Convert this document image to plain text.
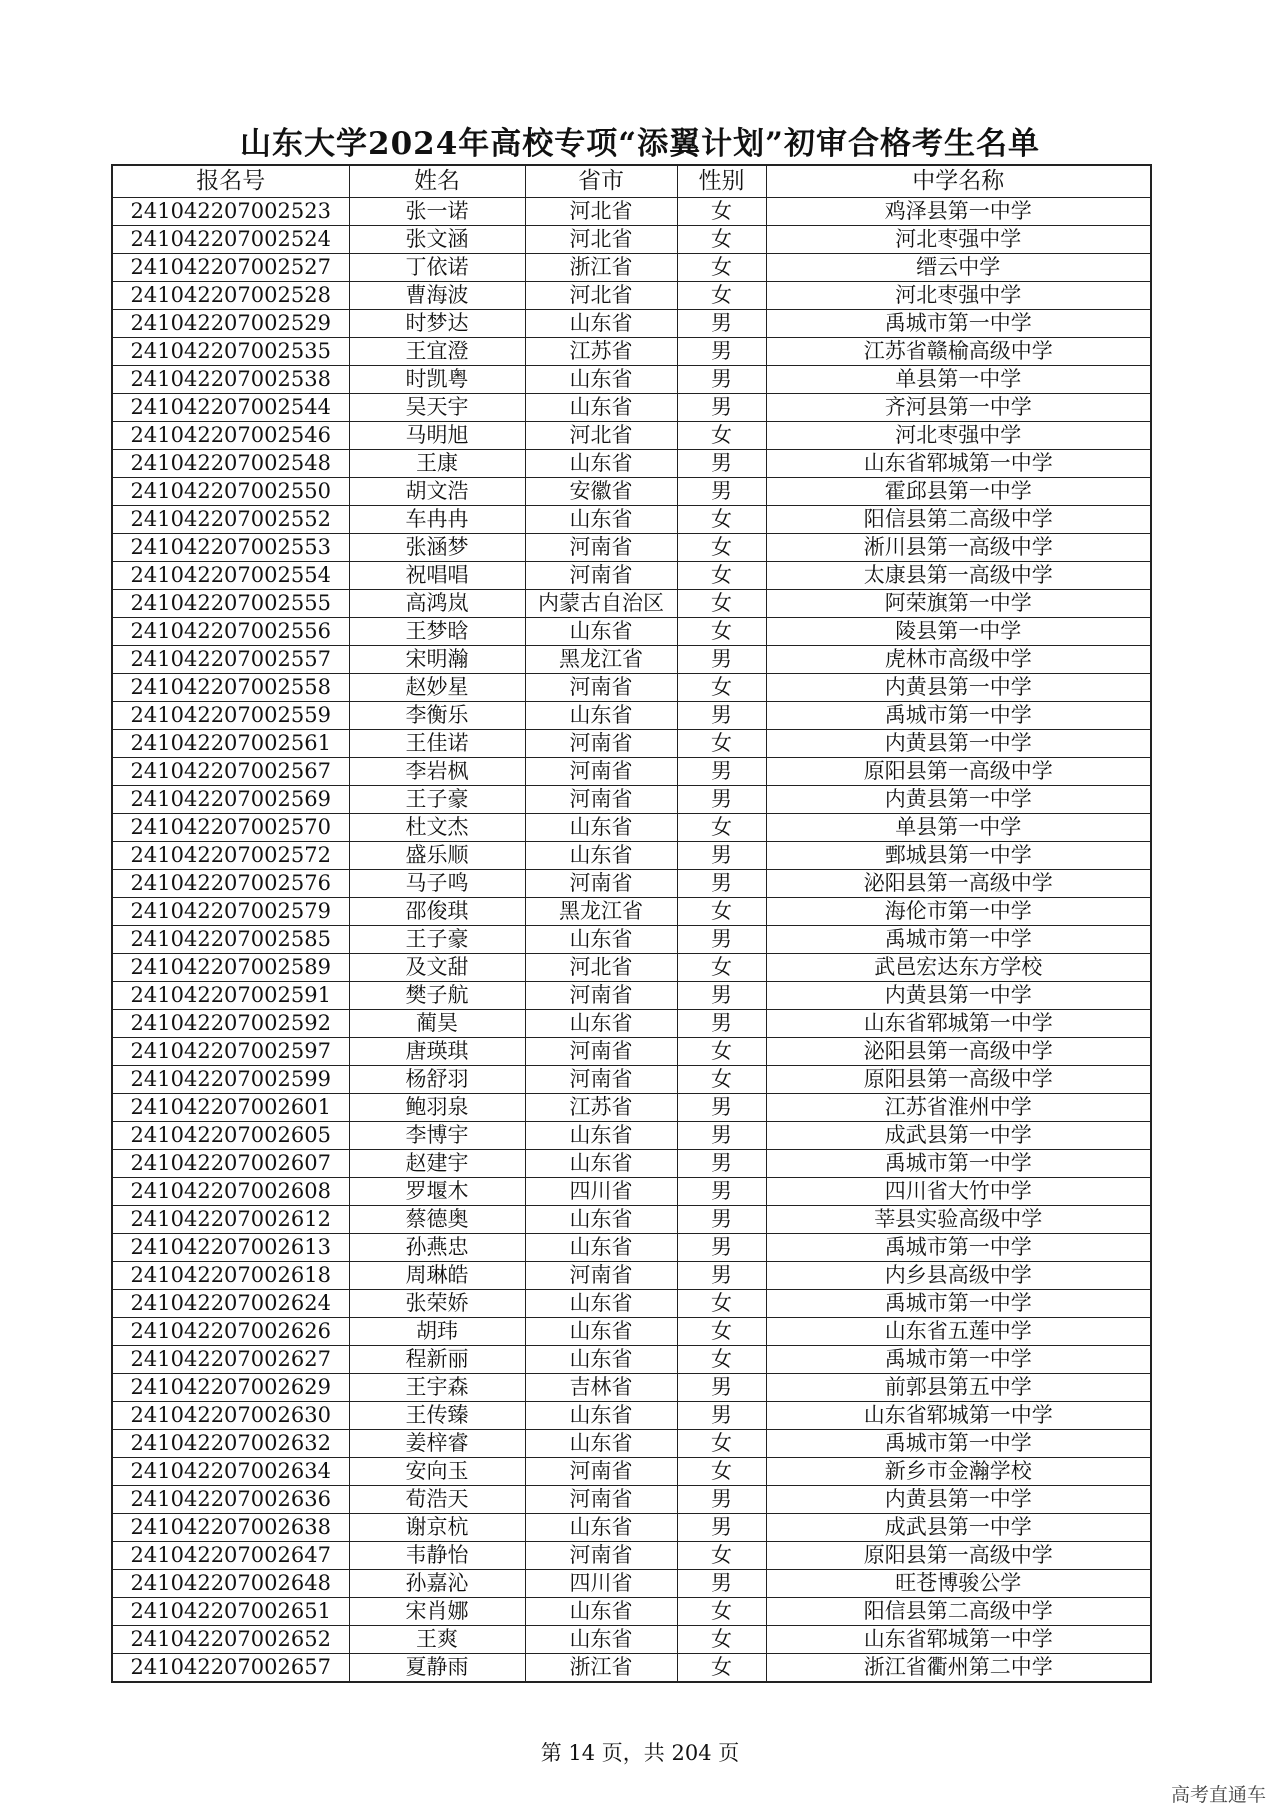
山东大学2024年高校专项“添翼计划”初审合格考生名单
报名号	姓名	省市	性别	中学名称
241042207002523	张一诺	河北省	女	鸡泽县第一中学
241042207002524	张文涵	河北省	女	河北枣强中学
241042207002527	丁依诺	浙江省	女	缙云中学
241042207002528	曹海波	河北省	女	河北枣强中学
241042207002529	时梦达	山东省	男	禹城市第一中学
241042207002535	王宜澄	江苏省	男	江苏省赣榆高级中学
241042207002538	时凯粤	山东省	男	单县第一中学
241042207002544	吴天宇	山东省	男	齐河县第一中学
241042207002546	马明旭	河北省	女	河北枣强中学
241042207002548	王康	山东省	男	山东省郓城第一中学
241042207002550	胡文浩	安徽省	男	霍邱县第一中学
241042207002552	车冉冉	山东省	女	阳信县第二高级中学
241042207002553	张涵梦	河南省	女	淅川县第一高级中学
241042207002554	祝唱唱	河南省	女	太康县第一高级中学
241042207002555	高鸿岚	内蒙古自治区	女	阿荣旗第一中学
241042207002556	王梦晗	山东省	女	陵县第一中学
241042207002557	宋明瀚	黑龙江省	男	虎林市高级中学
241042207002558	赵妙星	河南省	女	内黄县第一中学
241042207002559	李衡乐	山东省	男	禹城市第一中学
241042207002561	王佳诺	河南省	女	内黄县第一中学
241042207002567	李岩枫	河南省	男	原阳县第一高级中学
241042207002569	王子豪	河南省	男	内黄县第一中学
241042207002570	杜文杰	山东省	女	单县第一中学
241042207002572	盛乐顺	山东省	男	鄄城县第一中学
241042207002576	马子鸣	河南省	男	泌阳县第一高级中学
241042207002579	邵俊琪	黑龙江省	女	海伦市第一中学
241042207002585	王子豪	山东省	男	禹城市第一中学
241042207002589	及文甜	河北省	女	武邑宏达东方学校
241042207002591	樊子航	河南省	男	内黄县第一中学
241042207002592	蔺昊	山东省	男	山东省郓城第一中学
241042207002597	唐瑛琪	河南省	女	泌阳县第一高级中学
241042207002599	杨舒羽	河南省	女	原阳县第一高级中学
241042207002601	鲍羽泉	江苏省	男	江苏省淮州中学
241042207002605	李博宇	山东省	男	成武县第一中学
241042207002607	赵建宇	山东省	男	禹城市第一中学
241042207002608	罗堰木	四川省	男	四川省大竹中学
241042207002612	蔡德奥	山东省	男	莘县实验高级中学
241042207002613	孙燕忠	山东省	男	禹城市第一中学
241042207002618	周琳皓	河南省	男	内乡县高级中学
241042207002624	张荣娇	山东省	女	禹城市第一中学
241042207002626	胡玮	山东省	女	山东省五莲中学
241042207002627	程新丽	山东省	女	禹城市第一中学
241042207002629	王宇森	吉林省	男	前郭县第五中学
241042207002630	王传臻	山东省	男	山东省郓城第一中学
241042207002632	姜梓睿	山东省	女	禹城市第一中学
241042207002634	安向玉	河南省	女	新乡市金瀚学校
241042207002636	荀浩天	河南省	男	内黄县第一中学
241042207002638	谢京杭	山东省	男	成武县第一中学
241042207002647	韦静怡	河南省	女	原阳县第一高级中学
241042207002648	孙嘉沁	四川省	男	旺苍博骏公学
241042207002651	宋肖娜	山东省	女	阳信县第二高级中学
241042207002652	王爽	山东省	女	山东省郓城第一中学
241042207002657	夏静雨	浙江省	女	浙江省衢州第二中学
第 14 页，共 204 页
高考直通车
